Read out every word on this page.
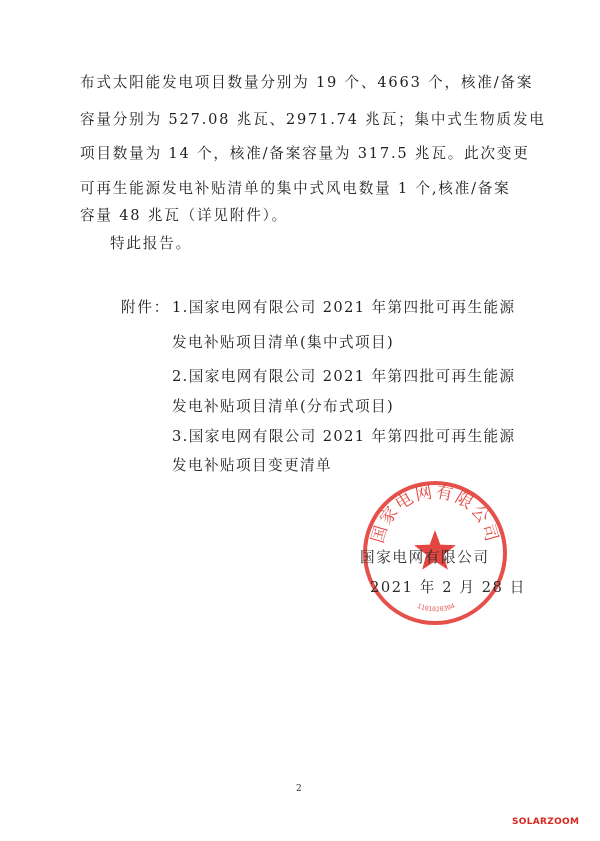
布式太阳能发电项目数量分别为 19 个、4663 个，核准/备案
容量分别为 527.08 兆瓦、2971.74 兆瓦；集中式生物质发电
项目数量为 14 个，核准/备案容量为 317.5 兆瓦。此次变更
可再生能源发电补贴清单的集中式风电数量 1 个,核准/备案
容量 48 兆瓦（详见附件）。
特此报告。
附件： 1.国家电网有限公司 2021 年第四批可再生能源
发电补贴项目清单(集中式项目)
2.国家电网有限公司 2021 年第四批可再生能源
发电补贴项目清单(分布式项目)
3.国家电网有限公司 2021 年第四批可再生能源
发电补贴项目变更清单
国家电网有限公司
1101020304
国家电网有限公司
2021 年 2 月 28 日
2
SOLARZOOM
